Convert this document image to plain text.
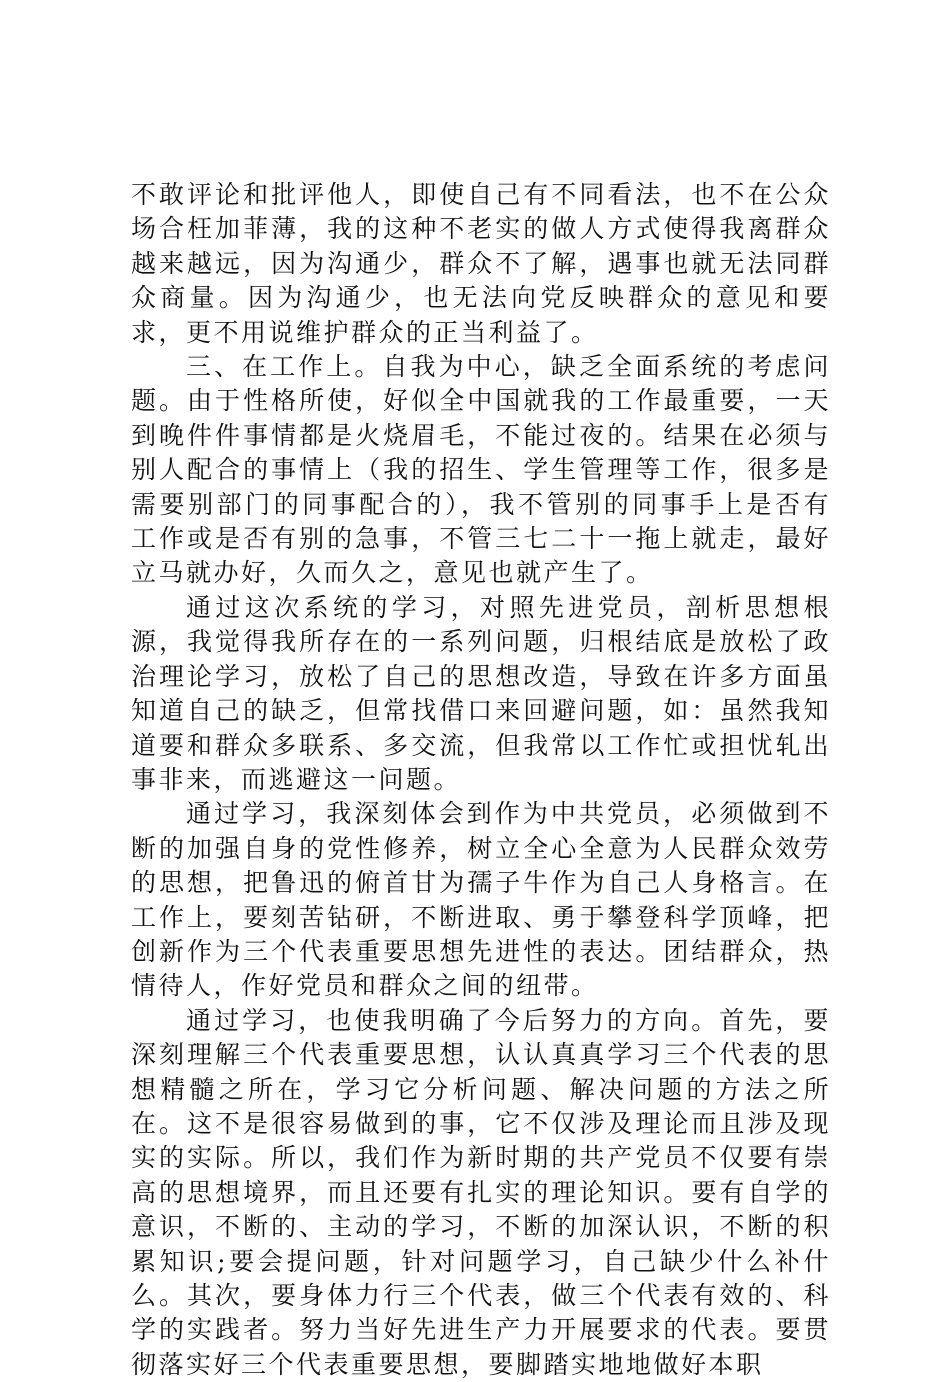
不敢评论和批评他人，即使自己有不同看法，也不在公众场合枉加菲薄，我的这种不老实的做人方式使得我离群众越来越远，因为沟通少，群众不了解，遇事也就无法同群众商量。因为沟通少，也无法向党反映群众的意见和要求，更不用说维护群众的正当利益了。

三、在工作上。自我为中心，缺乏全面系统的考虑问题。由于性格所使，好似全中国就我的工作最重要，一天到晚件件事情都是火烧眉毛，不能过夜的。结果在必须与别人配合的事情上（我的招生、学生管理等工作，很多是需要别部门的同事配合的），我不管别的同事手上是否有工作或是否有别的急事，不管三七二十一拖上就走，最好立马就办好，久而久之，意见也就产生了。

通过这次系统的学习，对照先进党员，剖析思想根源，我觉得我所存在的一系列问题，归根结底是放松了政治理论学习，放松了自己的思想改造，导致在许多方面虽知道自己的缺乏，但常找借口来回避问题，如：虽然我知道要和群众多联系、多交流，但我常以工作忙或担忧轧出事非来，而逃避这一问题。

通过学习，我深刻体会到作为中共党员，必须做到不断的加强自身的党性修养，树立全心全意为人民群众效劳的思想，把鲁迅的俯首甘为孺子牛作为自己人身格言。在工作上，要刻苦钻研，不断进取、勇于攀登科学顶峰，把创新作为三个代表重要思想先进性的表达。团结群众，热情待人，作好党员和群众之间的纽带。

通过学习，也使我明确了今后努力的方向。首先，要深刻理解三个代表重要思想，认认真真学习三个代表的思想精髓之所在，学习它分析问题、解决问题的方法之所在。这不是很容易做到的事，它不仅涉及理论而且涉及现实的实际。所以，我们作为新时期的共产党员不仅要有崇高的思想境界，而且还要有扎实的理论知识。要有自学的意识，不断的、主动的学习，不断的加深认识，不断的积累知识;要会提问题，针对问题学习，自己缺少什么补什么。其次，要身体力行三个代表，做三个代表有效的、科学的实践者。努力当好先进生产力开展要求的代表。要贯彻落实好三个代表重要思想，要脚踏实地地做好本职
